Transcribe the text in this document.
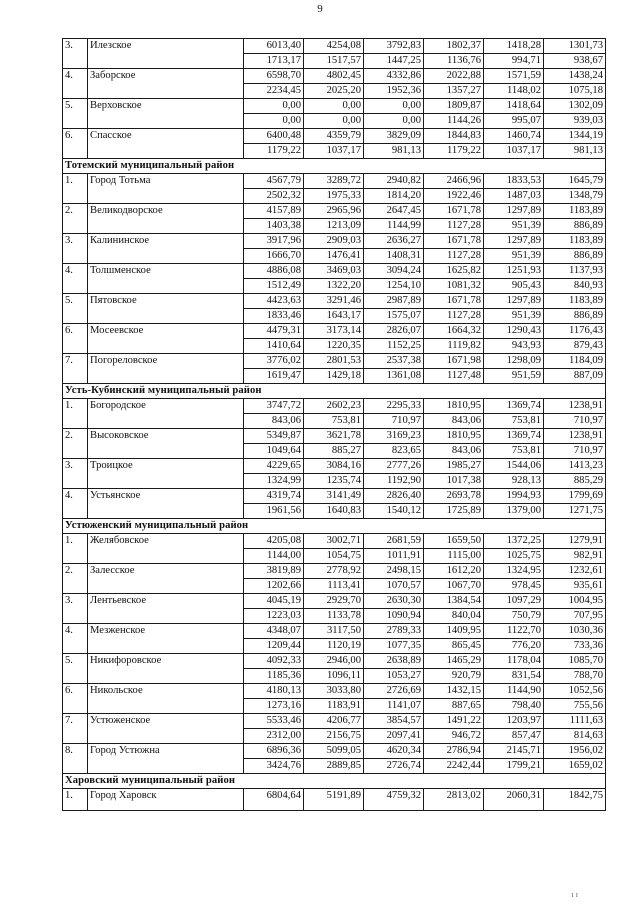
9
3.	Илезское	6013,40	4254,08	3792,83	1802,37	1418,28	1301,73
		1713,17	1517,57	1447,25	1136,76	994,71	938,67
4.	Заборское	6598,70	4802,45	4332,86	2022,88	1571,59	1438,24
		2234,45	2025,20	1952,36	1357,27	1148,02	1075,18
5.	Верховское	0,00	0,00	0,00	1809,87	1418,64	1302,09
		0,00	0,00	0,00	1144,26	995,07	939,03
6.	Спасское	6400,48	4359,79	3829,09	1844,83	1460,74	1344,19
		1179,22	1037,17	981,13	1179,22	1037,17	981,13
Тотемский муниципальный район							
1.	Город Тотьма	4567,79	3289,72	2940,82	2466,96	1833,53	1645,79
		2502,32	1975,33	1814,20	1922,46	1487,03	1348,79
2.	Великодворское	4157,89	2965,96	2647,45	1671,78	1297,89	1183,89
		1403,38	1213,09	1144,99	1127,28	951,39	886,89
3.	Калининское	3917,96	2909,03	2636,27	1671,78	1297,89	1183,89
		1666,70	1476,41	1408,31	1127,28	951,39	886,89
4.	Толшменское	4886,08	3469,03	3094,24	1625,82	1251,93	1137,93
		1512,49	1322,20	1254,10	1081,32	905,43	840,93
5.	Пятовское	4423,63	3291,46	2987,89	1671,78	1297,89	1183,89
		1833,46	1643,17	1575,07	1127,28	951,39	886,89
6.	Мосеевское	4479,31	3173,14	2826,07	1664,32	1290,43	1176,43
		1410,64	1220,35	1152,25	1119,82	943,93	879,43
7.	Погореловское	3776,02	2801,53	2537,38	1671,98	1298,09	1184,09
		1619,47	1429,18	1361,08	1127,48	951,59	887,09
Усть-Кубинский муниципальный район							
1.	Богородское	3747,72	2602,23	2295,33	1810,95	1369,74	1238,91
		843,06	753,81	710,97	843,06	753,81	710,97
2.	Высоковское	5349,87	3621,78	3169,23	1810,95	1369,74	1238,91
		1049,64	885,27	823,65	843,06	753,81	710,97
3.	Троицкое	4229,65	3084,16	2777,26	1985,27	1544,06	1413,23
		1324,99	1235,74	1192,90	1017,38	928,13	885,29
4.	Устьянское	4319,74	3141,49	2826,40	2693,78	1994,93	1799,69
		1961,56	1640,83	1540,12	1725,89	1379,00	1271,75
Устюженский муниципальный район							
1.	Желябовское	4205,08	3002,71	2681,59	1659,50	1372,25	1279,91
		1144,00	1054,75	1011,91	1115,00	1025,75	982,91
2.	Залесское	3819,89	2778,92	2498,15	1612,20	1324,95	1232,61
		1202,66	1113,41	1070,57	1067,70	978,45	935,61
3.	Лентьевское	4045,19	2929,70	2630,30	1384,54	1097,29	1004,95
		1223,03	1133,78	1090,94	840,04	750,79	707,95
4.	Мезженское	4348,07	3117,50	2789,33	1409,95	1122,70	1030,36
		1209,44	1120,19	1077,35	865,45	776,20	733,36
5.	Никифоровское	4092,33	2946,00	2638,89	1465,29	1178,04	1085,70
		1185,36	1096,11	1053,27	920,79	831,54	788,70
6.	Никольское	4180,13	3033,80	2726,69	1432,15	1144,90	1052,56
		1273,16	1183,91	1141,07	887,65	798,40	755,56
7.	Устюженское	5533,46	4206,77	3854,57	1491,22	1203,97	1111,63
		2312,00	2156,75	2097,41	946,72	857,47	814,63
8.	Город Устюжна	6896,36	5099,05	4620,34	2786,94	2145,71	1956,02
		3424,76	2889,85	2726,74	2242,44	1799,21	1659,02
Харовский муниципальный район							
1.	Город Харовск	6804,64	5191,89	4759,32	2813,02	2060,31	1842,75
ı ı
